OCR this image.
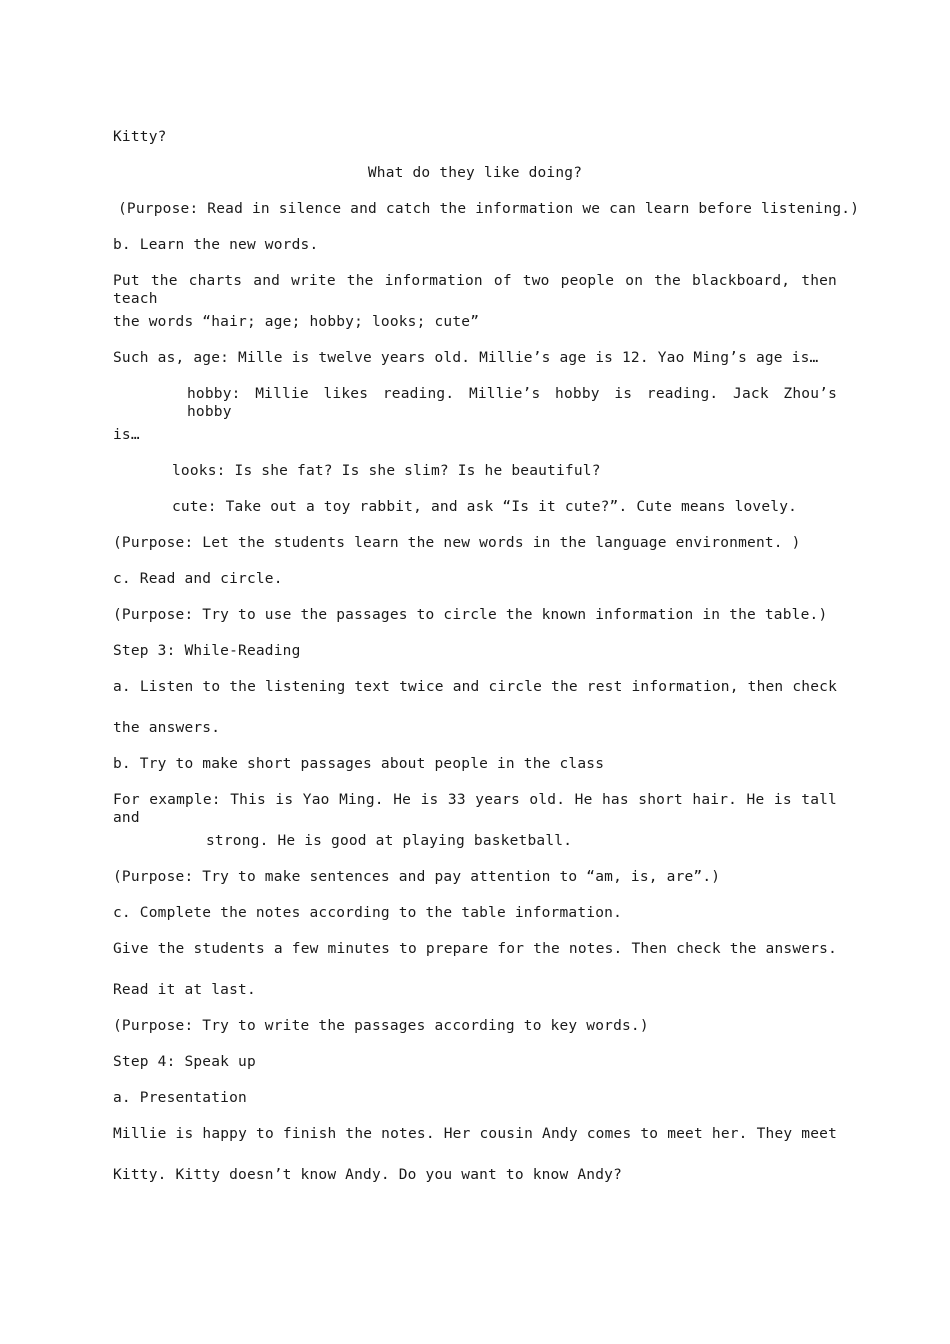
Kitty?
What do they like doing?
(Purpose: Read in silence and catch the information we can learn before listening.)
b. Learn the new words.
Put the charts and write the information of two people on the blackboard, then teach
the words “hair; age; hobby; looks; cute”
Such as, age: Mille is twelve years old. Millie’s age is 12. Yao Ming’s age is…
hobby: Millie likes reading. Millie’s hobby is reading. Jack Zhou’s hobby
is…
looks: Is she fat? Is she slim? Is he beautiful?
cute: Take out a toy rabbit, and ask “Is it cute?”. Cute means lovely.
(Purpose: Let the students learn the new words in the language environment. )
c. Read and circle.
(Purpose: Try to use the passages to circle the known information in the table.)
Step 3: While-Reading
a. Listen to the listening text twice and circle the rest information, then check
the answers.
b. Try to make short passages about people in the class
For example: This is Yao Ming. He is 33 years old. He has short hair. He is tall and
strong. He is good at playing basketball.
(Purpose: Try to make sentences and pay attention to “am, is, are”.)
c. Complete the notes according to the table information.
Give the students a few minutes to prepare for the notes. Then check the answers.
Read it at last.
(Purpose: Try to write the passages according to key words.)
Step 4: Speak up
a. Presentation
Millie is happy to finish the notes. Her cousin Andy comes to meet her. They meet
Kitty. Kitty doesn’t know Andy. Do you want to know Andy?
